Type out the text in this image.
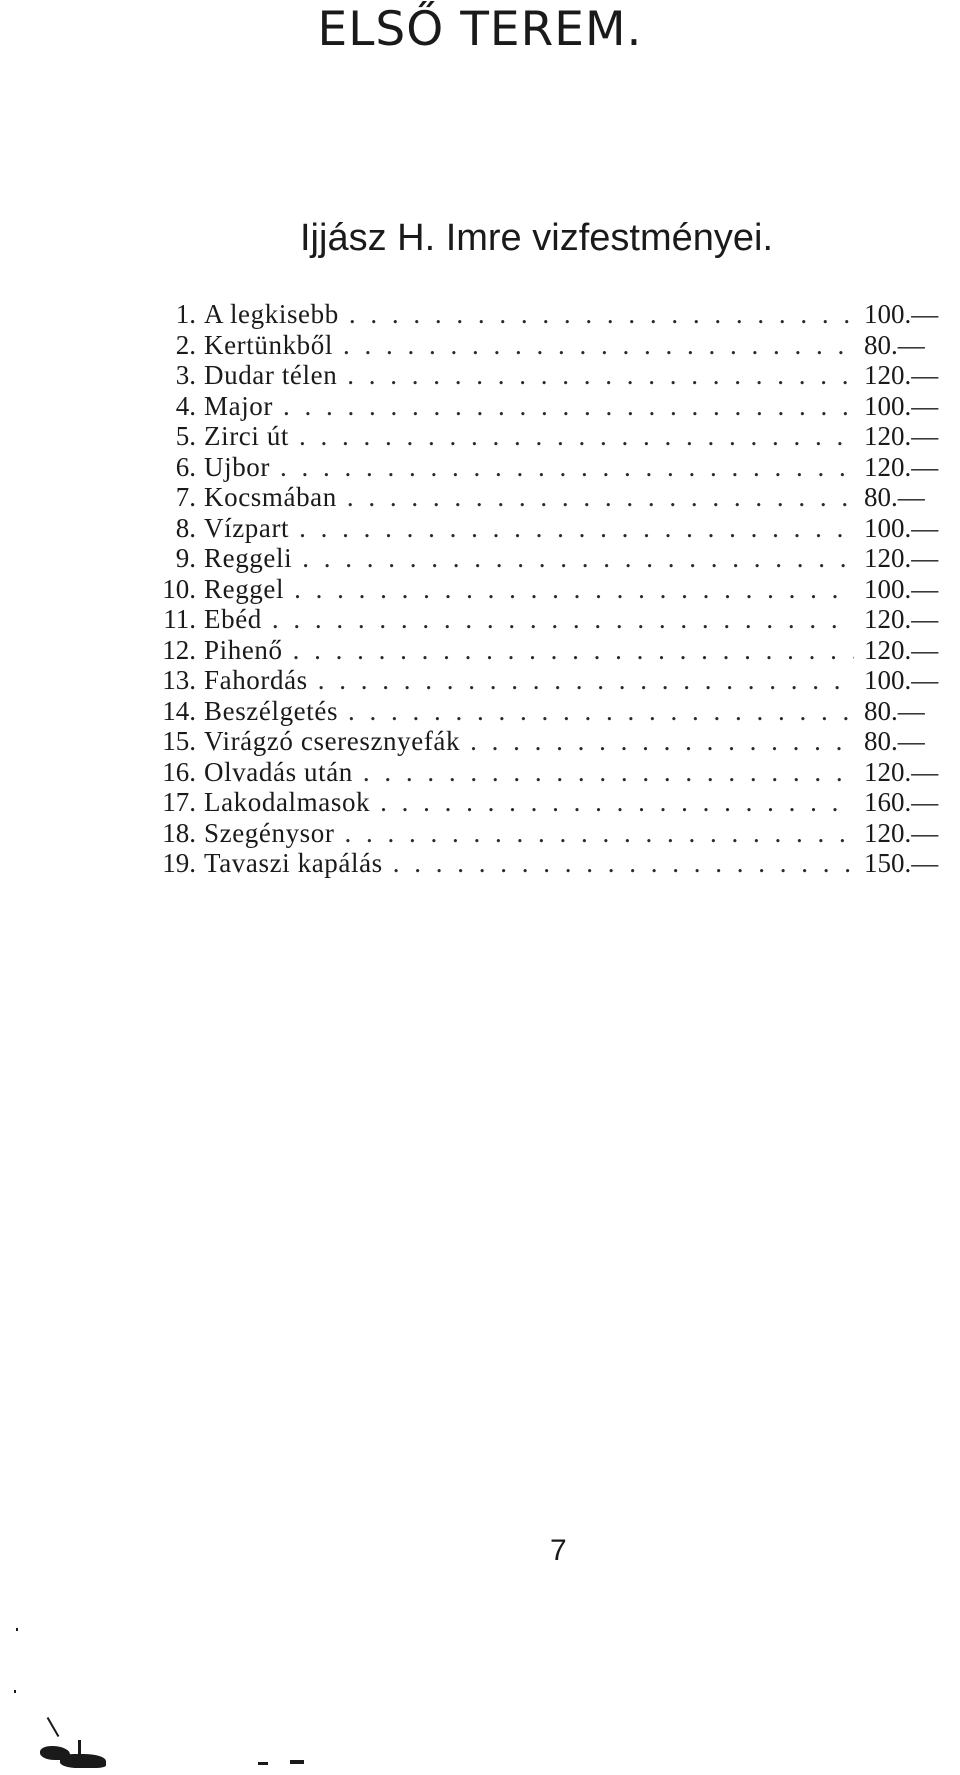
ELSŐ TEREM.
Ijjász H. Imre vizfestményei.
1. A legkisebb . . .	100.—
2. Kertünkből . . .	80.—
3. Dudar télen . . .	120.—
4. Major . . .	100.—
5. Zirci út . . .	120.—
6. Ujbor . . .	120.—
7. Kocsmában . . .	80.—
8. Vízpart . . .	100.—
9. Reggeli . . .	120.—
10. Reggel . . .	100.—
11. Ebéd . . .	120.—
12. Pihenő . . .	120.—
13. Fahordás . . .	100.—
14. Beszélgetés . . .	80.—
15. Virágzó cseresznyefák . . .	80.—
16. Olvadás után . . .	120.—
17. Lakodalmasok . . .	160.—
18. Szegénysor . . .	120.—
19. Tavaszi kapálás . . .	150.—
7
